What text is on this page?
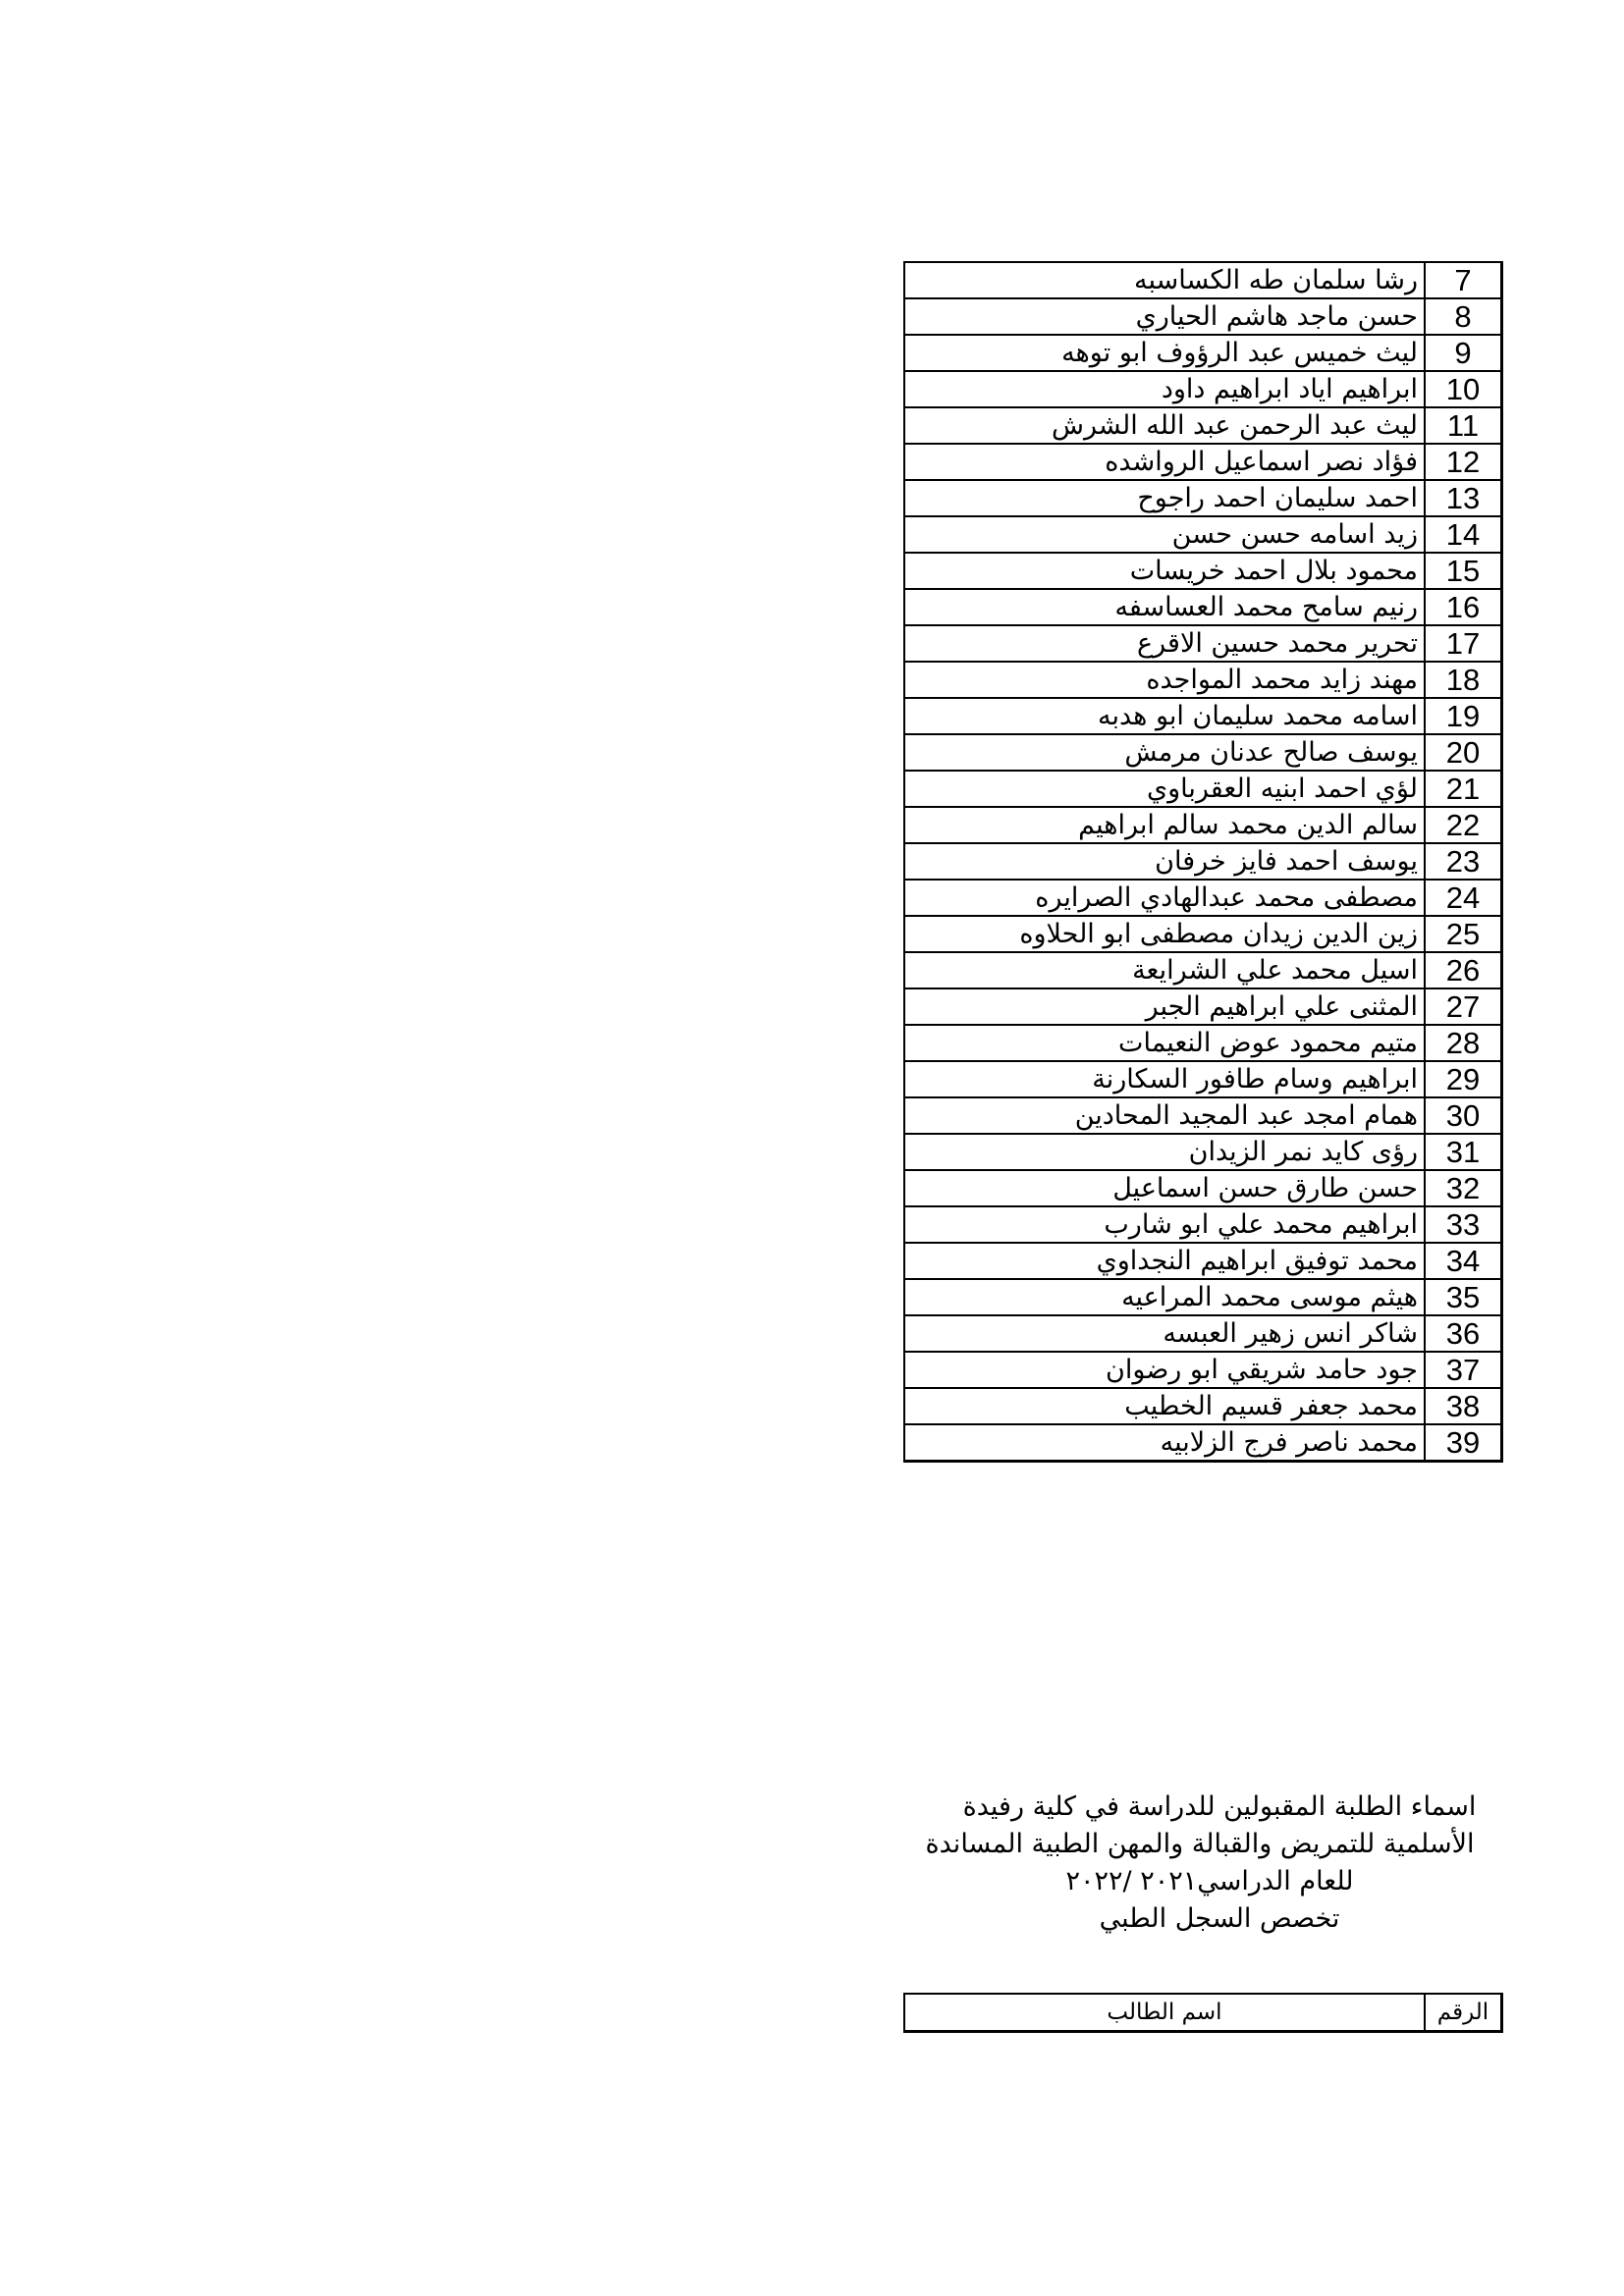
رشا سلمان طه الكساسبه	7
حسن ماجد هاشم الحياري	8
ليث خميس عبد الرؤوف ابو توهه	9
ابراهيم اياد ابراهيم داود	10
ليث عبد الرحمن عبد الله الشرش	11
فؤاد نصر اسماعيل الرواشده	12
احمد سليمان احمد راجوح	13
زيد اسامه حسن حسن	14
محمود بلال احمد خريسات	15
رنيم سامح محمد العساسفه	16
تحرير محمد حسين الاقرع	17
مهند زايد محمد المواجده	18
اسامه محمد سليمان ابو هدبه	19
يوسف صالح عدنان مرمش	20
لؤي احمد ابنيه العقرباوي	21
سالم الدين محمد سالم ابراهيم	22
يوسف احمد فايز خرفان	23
مصطفى محمد عبدالهادي الصرايره	24
زين الدين زيدان مصطفى ابو الحلاوه	25
اسيل محمد علي الشرايعة	26
المثنى علي ابراهيم الجبر	27
متيم محمود عوض النعيمات	28
ابراهيم وسام طافور السكارنة	29
همام امجد عبد المجيد المحادين	30
رؤى كايد نمر الزيدان	31
حسن طارق حسن اسماعيل	32
ابراهيم محمد علي ابو شارب	33
محمد توفيق ابراهيم النجداوي	34
هيثم موسى محمد المراعيه	35
شاكر انس زهير العبسه	36
جود حامد شريقي ابو رضوان	37
محمد جعفر قسيم الخطيب	38
محمد ناصر فرج الزلابيه	39
اسماء الطلبة المقبولين للدراسة في كلية رفيدة
الأسلمية للتمريض والقبالة والمهن الطبية المساندة
للعام الدراسي٢٠٢١ /٢٠٢٢
تخصص السجل الطبي
اسم الطالب	الرقم
